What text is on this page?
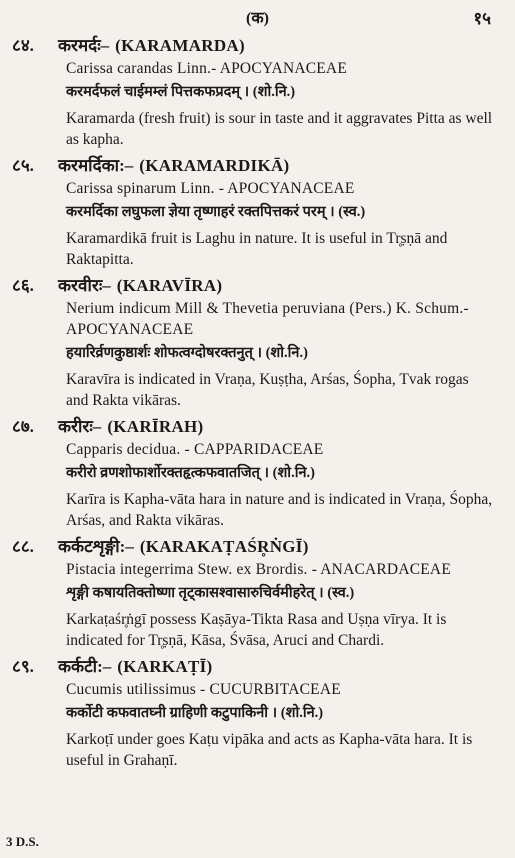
(क)	१५
८४. करमर्दः– (KARAMARDA)
Carissa carandas Linn.- APOCYANACEAE
करमर्दफलं चाईमम्लं पित्तकफप्रदम् । (शो.नि.)
Karamarda (fresh fruit) is sour in taste and it aggravates Pitta as well as kapha.
८५. करमर्दिका:– (KARAMARDIKĀ)
Carissa spinarum Linn. - APOCYANACEAE
करमर्दिका लघुफला ज्ञेया तृष्णाहरं रक्तपित्तकरं परम् । (स्व.)
Karamardikā fruit is Laghu in nature. It is useful in Tr̥ṣṇā and Raktapitta.
८६. करवीरः– (KARAVĪRA)
Nerium indicum Mill & Thevetia peruviana (Pers.) K. Schum.-APOCYANACEAE
हयारिर्व्रणकुष्ठार्शः शोफत्वग्दोषरक्तनुत् । (शो.नि.)
Karavīra is indicated in Vraṇa, Kuṣṭha, Arśas, Śopha, Tvak rogas and Rakta vikāras.
८७. करीरः– (KARĪRAH)
Capparis decidua. - CAPPARIDACEAE
करीरो व्रणशोफार्शोरक्तहृत्कफवातजित् । (शो.नि.)
Karīra is Kapha-vāta hara in nature and is indicated in Vraṇa, Śopha, Arśas, and Rakta vikāras.
८८. कर्कटशृङ्गी:– (KARAKAṬAŚR̥ṄGĪ)
Pistacia integerrima Stew. ex Brordis. - ANACARDACEAE
शृङ्गी कषायतिक्तोष्णा तृट्कासश्वासारुचिर्वमीहरेत् । (स्व.)
Karkaṭaśr̥ṅgī possess Kaṣāya-Tikta Rasa and Uṣṇa vīrya. It is indicated for Tr̥ṣṇā, Kāsa, Śvāsa, Aruci and Chardi.
८९. कर्कटी:– (KARKAṬĪ)
Cucumis utilissimus - CUCURBITACEAE
कर्कोटी कफवातघ्नी ग्राहिणी कटुपाकिनी । (शो.नि.)
Karkoṭī under goes Kaṭu vipāka and acts as Kapha-vāta hara. It is useful in Grahaṇī.
3 D.S.
